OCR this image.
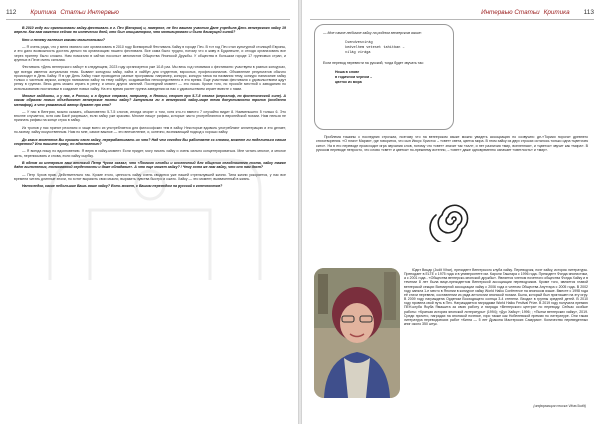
112 Критика Статьи Интервью

В 2010 году вы организовали хайку-фестиваль в г. Печ (Венгрия) и, наверное, не без вашего участия Дане учредила День венгерского хайку 19 апреля. Как вам кажется сейчас по истечении дней, кто был инициатором, что мотивировало и было движущей силой?

Кто и почему включил какими могиловными?

— Я очень рада, что у меня хватило сил организовать в 2010 году Всемирный Фестиваль Хайку в городе Печ. В тот год Печ стал культурной столицей Европы, и это дало возможность достать деньги на организацию нашего фестиваля. Все сама было трудно, потому что я живу в Будапеште, и отходя организовать все через принтер было сложно. Нам помогали в сайтах посольст автопистов Общества Японской Дружбы. У общества в большом городе 17 групповых стран, и крупных в Пече очень сильная.

Фестиваль «День венгерского хайку» в следующем, 2023 году организуется уже 10-й раз. Мы весь год готовимся к фестивалю: участвуем в разных конкурсах, где всегда имеется актуальная тема. Бывают конкурсы хайку, хайга и хайбун для студентов, взрослых, профессионалов. Объявление результатов обычно происходит в День Хайку. Я в где День Хайку тоже проводится разные программы: например, конкурс, конкурс танка на названия тему, конкурс написание хайку только с частным звуком, конкурс написании хайку на тему хайбун, создавшейся непосредственно в это время. Еще участники фестиваля с удовольствием ждут ренку в группах. Весь день можно играть в ренгу, и много других занятий. Последний момент — это показ. Кроме того, по просьбе местной к заводанию по использованию постановки в создание новых хайку. На это время растет группа заведения из нас с удовольствием играет вместе с нами.

Многие хайдзины, и у нас, в России, и в других странах, например, в Японии, спорят про 5-7-5 слогов (иероглиф, по фонетической силе). А каким образом новых объединяют венгерские поэты хайку? Актуальна ли в венгерской хайку-мире тема допустимости тропов (особенно метафор), а что уважаемый автор думает про кто?

— У нас в Венгрии, можно сказать, обыкновенно 5-7-5 слогов, иногда спорят о том, хотя кто-то вместо 7 случайно видит 8. Наименьшего 5 только 6. Это вполне случается, хотя сам Басё разрешал, если хайку уже красиво. Многие пишут рифмы, которые часто употребляются в европейской поэзии. Нам нельзя не признать рифмы на конце строк в хайку.

Из тропов у нас принят резонанс и чаще всего их употребляется для философских тем в хайку. Некоторые вдоволь употребляют аллитерацию и это делает, по-моему, хайку искусственным. Нам по мне, самое важное — это впечатление, и, конечно, возникающий подход к хорошо хайку.

До каких моментов Вы пришли свою хайку, перерабатывать их что? Над чем сегодня Вы работаете сз словом, можете ли поделиться своим секретом? Или пишите сразу, по вдохновению?

— Я всегда пишу по вдохновению. Я верю в хайку-момент. Если придет, могу писать хайку и очень сильно концентрироваться. Мне читать многое, и многое жить, переписывать и снова, если хайку сырбку.

В одном из интервью ваш японский Петр Чуков сказал, что «Помимо словбы и исключений для общения сегодняшнего поэта, хайку также даёт выполнения, толкованной сердечности и даже обладание». А что еще может хайку? / Чему хотя же нам хайку, что оно нам даст?

— Петр Чухов прав. Действительно так. Кроме этого, ценность хайку очень сводится уже нашей стрельнувшей жизни. Типа жизни ускоряется, у нас все времени читать длинные эпохи, но хотят выразить свои мысли, выразить чувства быстро и сжато. Хайку — это момент, выхваченный в жизнь.

Напоследок, какие небольшие Вашь ваше хайку? Есть может, с Вашим переводом на русский к конечностям?

Интервью Статьи Критика 113
— Мое самое любимое хайку на родном венгерском языке:
Csendvesvirág
kedvelhem veteset tahitban –
világ virága
Если перевод перевести на русский, тогда будет звучать так:
Ниша в слове
в годичном черном –
цветок из мира

Проблема тишины с последних строчках, поэтому что на венгерском языке можно увидеть ассоциацию по созвучию: де-«Торики порога» древнего стихотворения. «О плач» Марии», где говорится, что сын Иисус Христос – «свет» света, цветок мира. В этом хайку из двух строках осталось только одна «цветочек сито». На в его переводе происходит игра звучания слов, потому что «свет» значит так «хал», и нет различия «мир, вселенная», и «цветок» звучит как «мира». В русском переводе непросто, что слово «свет» и цветка» по-прежнему истенно, – «свет» даже одновременно означает «светлость» и «мир».

Юдит Вицар (Judit Vihar), президент Венгерского клуба хайку. Переводчик, поэт хайку, историк литературы. Преподает в ELTE с 1975 года и в университете им. Кароли Гашпара с 1996 года. Президент Фонда японистики, а с 2001 года - «Общества венгерско-японской дружбы». Является членом почетного общества Фонда Хайку и в течении 8 лет была вице-президентом Венгерской ассоциации переводчиков. Кроме того, является главой венгерской секции Всемирной ассоциации хайку с 2006 года и членом Общества Ануттара с 2005 года. В 2002 году заняла 1-е место в Японии в конкурсе хайку World Haiku Conference на японском языке. Вместе с 1998 года её стихи перевели, составлении из ряда антологии японской поэзии. Была, который был приглашен на эту игру. В 2009 году награждена Орденом Восходящего солнца 3-4 степени. Входил в группы средней детей. В 2010 году провела свой путь в Печ. Награждается наградами World Haiku Festival Prize. В 2019 году получила премию ПЕН-клуба Якуба Ямашита за свою работу и награда «Венгерского центра» по переводу. Сейчас особые работы: «Краткая история японской литературы» (1994); «Дух Хайку»; 1996; ; «Пытки венгерских хайку», 2019. Среди прочего, наградах на японской поэтике, гиро также как Нобелевской премии по литературе. Они такая литература переводческих работ «Кинга — 5 лет Дракона Мастерских Самураи». Количество переведенных книг около 350 штук.

(информация списка Vihar/Judit)
